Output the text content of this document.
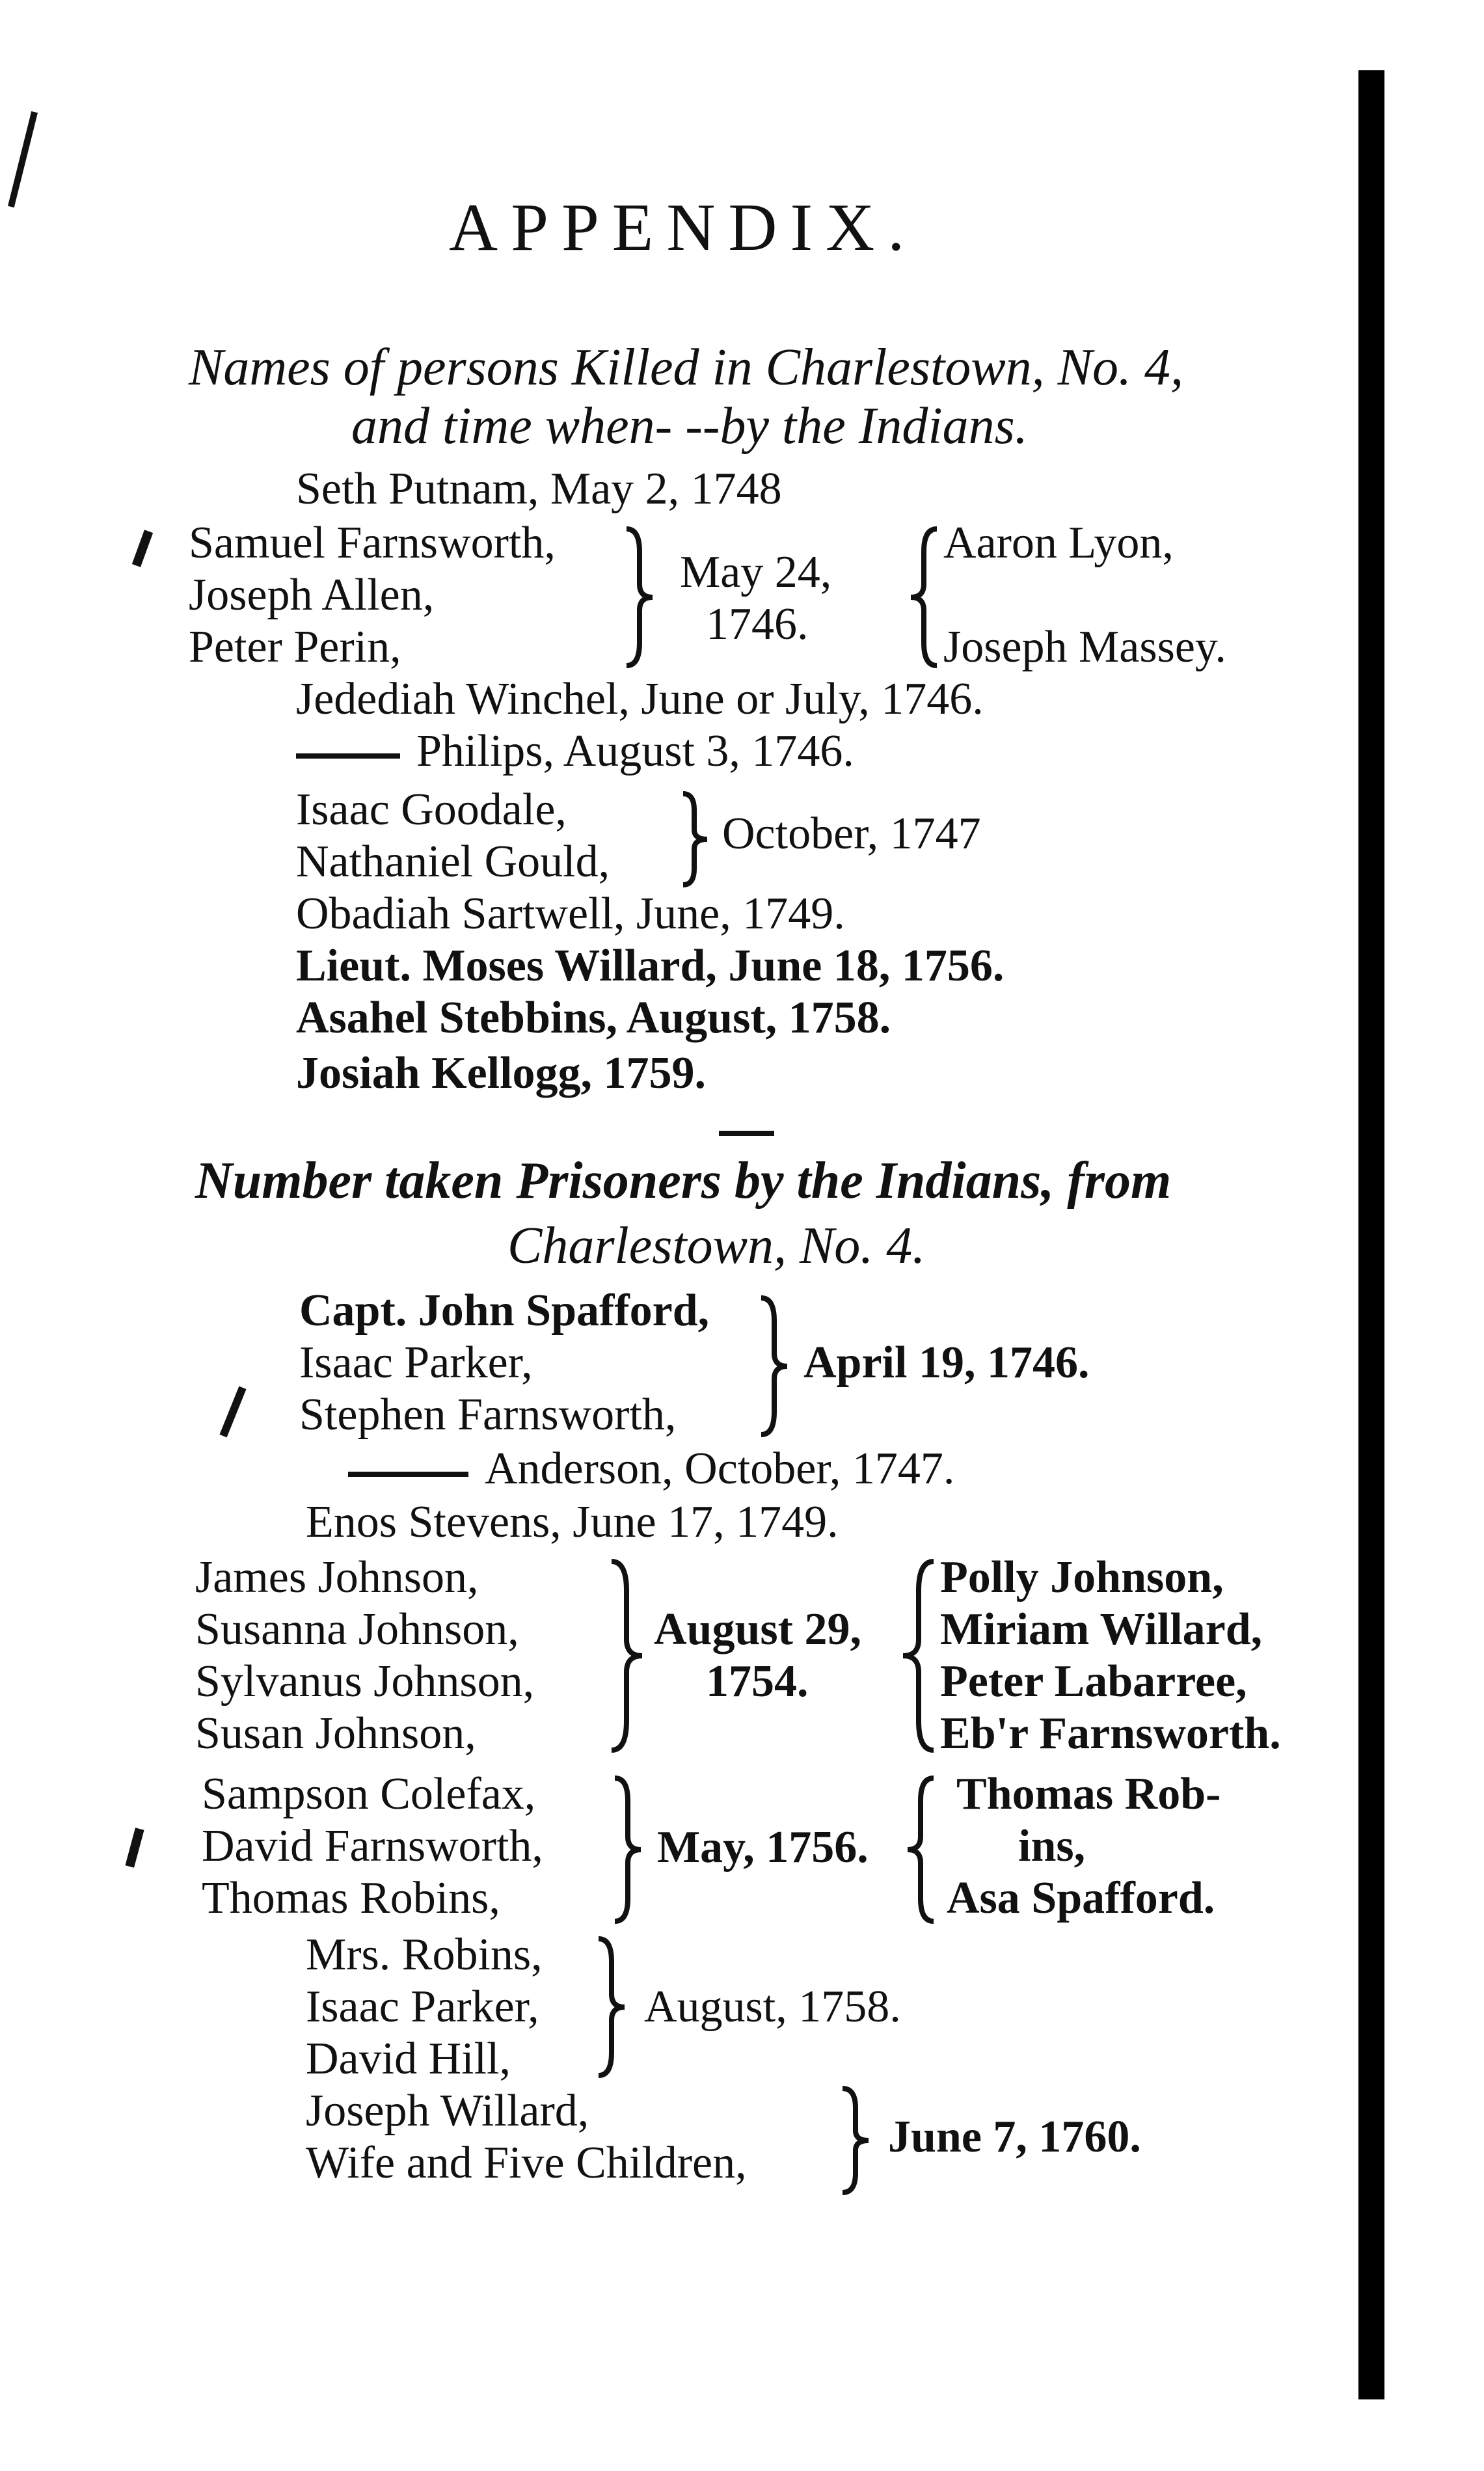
APPENDIX.
Names of persons Killed in Charlestown, No. 4,
and time when- --by the Indians.
Seth Putnam, May 2, 1748
Samuel Farnsworth,
Joseph Allen,
Peter Perin,
May 24,
1746.
Aaron Lyon,
Joseph Massey.
Jedediah Winchel, June or July, 1746.
Philips, August 3, 1746.
Isaac Goodale,
Nathaniel Gould,
October, 1747
Obadiah Sartwell, June, 1749.
Lieut. Moses Willard, June 18, 1756.
Asahel Stebbins, August, 1758.
Josiah Kellogg, 1759.
Number taken Prisoners by the Indians, from
Charlestown, No. 4.
Capt. John Spafford,
Isaac Parker,
Stephen Farnsworth,
April 19, 1746.
Anderson, October, 1747.
Enos Stevens, June 17, 1749.
James Johnson,
Susanna Johnson,
Sylvanus Johnson,
Susan Johnson,
August 29,
1754.
Polly Johnson,
Miriam Willard,
Peter Labarree,
Eb'r Farnsworth.
Sampson Colefax,
David Farnsworth,
Thomas Robins,
May, 1756.
Thomas Rob-
ins,
Asa Spafford.
Mrs. Robins,
Isaac Parker,
David Hill,
August, 1758.
Joseph Willard,
Wife and Five Children,
June 7, 1760.
